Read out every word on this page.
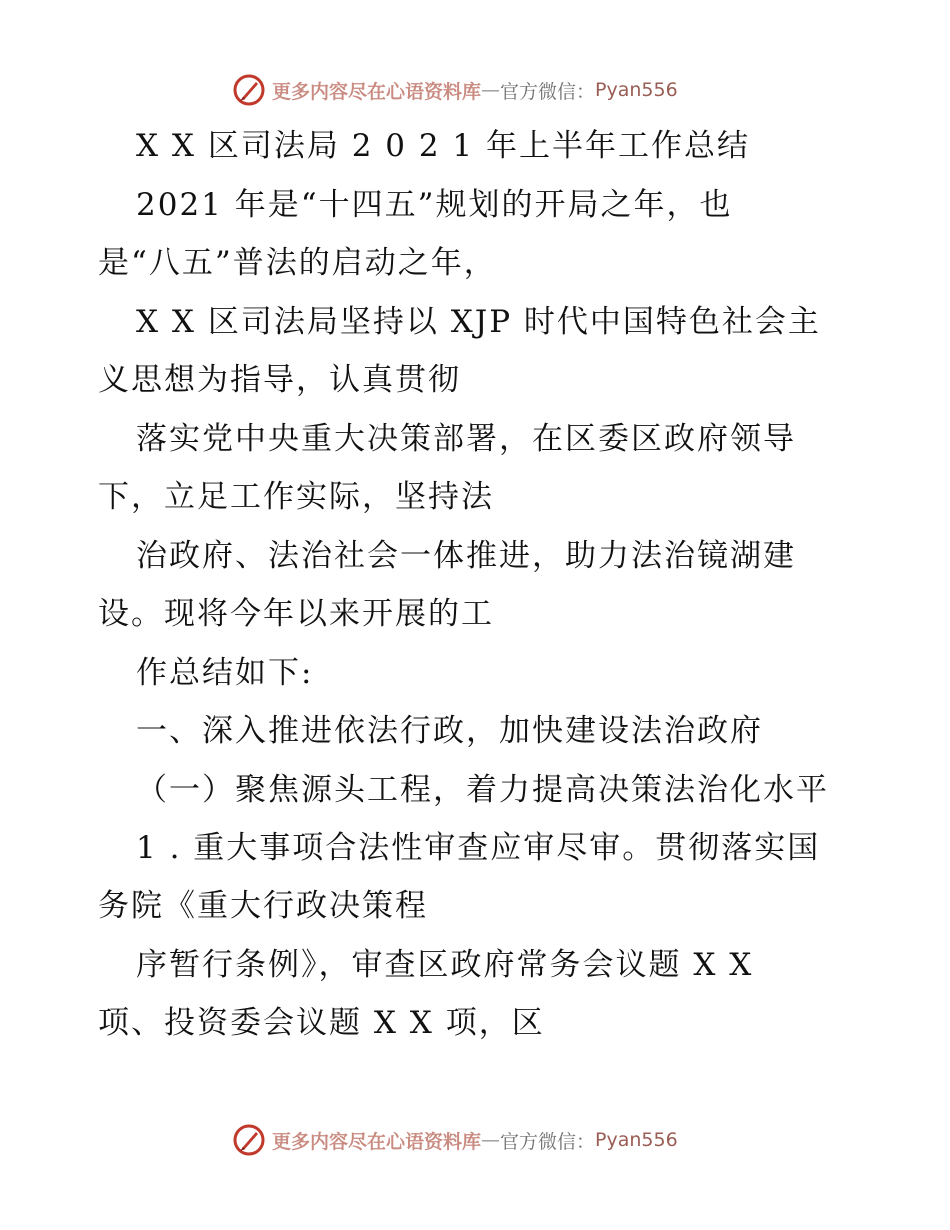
更多内容尽在心语资料库 — 官方微信： Pyan556
X X 区司法局 2 0 2 1 年上半年工作总结
2021 年是“十四五”规划的开局之年，也
是“八五”普法的启动之年，
X X 区司法局坚持以 XJP 时代中国特色社会主
义思想为指导，认真贯彻
落实党中央重大决策部署，在区委区政府领导
下，立足工作实际，坚持法
治政府、法治社会一体推进，助力法治镜湖建
设。现将今年以来开展的工
作总结如下:
一、深入推进依法行政，加快建设法治政府
（一）聚焦源头工程，着力提高决策法治化水平
1 . 重大事项合法性审查应审尽审。贯彻落实国
务院《重大行政决策程
序暂行条例》，审查区政府常务会议题 X X
项、投资委会议题 X X 项，区
更多内容尽在心语资料库 — 官方微信： Pyan556
